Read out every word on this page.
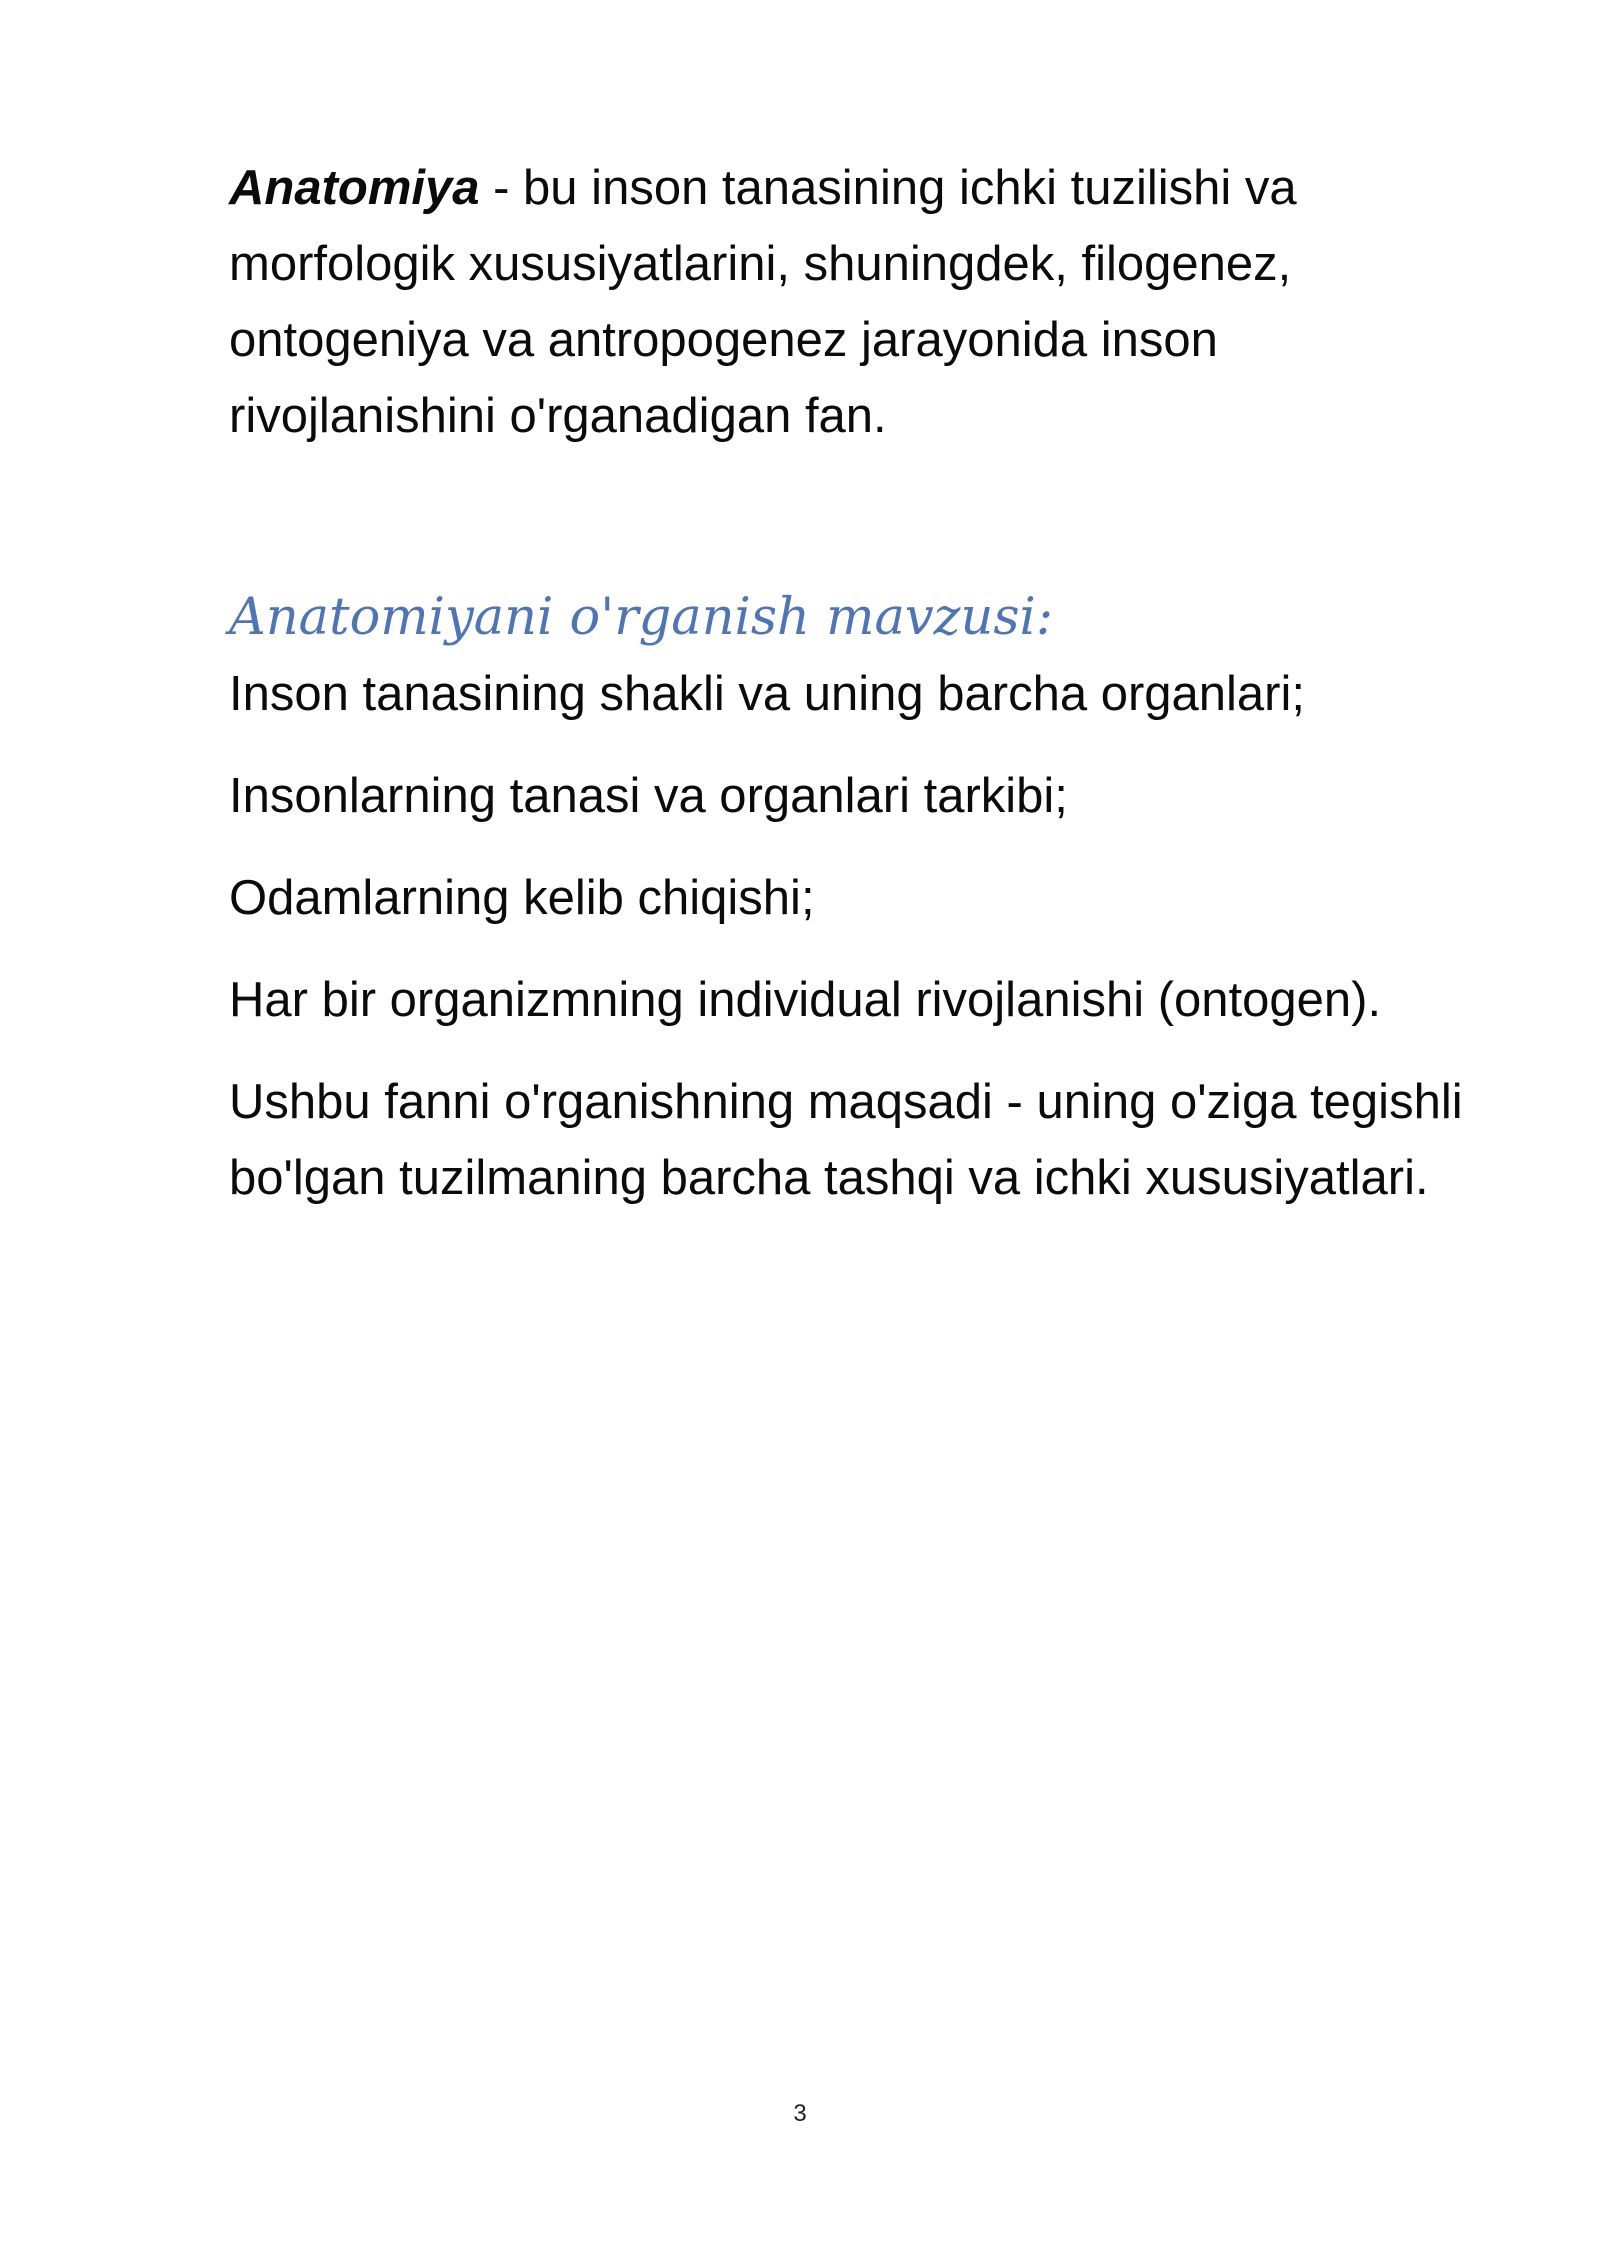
Anatomiya - bu inson tanasining ichki tuzilishi va morfologik xususiyatlarini, shuningdek, filogenez, ontogeniya va antropogenez jarayonida inson rivojlanishini o'rganadigan fan.

Anatomiyani o'rganish mavzusi:
Inson tanasining shakli va uning barcha organlari;
Insonlarning tanasi va organlari tarkibi;
Odamlarning kelib chiqishi;
Har bir organizmning individual rivojlanishi (ontogen).

Ushbu fanni o'rganishning maqsadi - uning o'ziga tegishli bo'lgan tuzilmaning barcha tashqi va ichki xususiyatlari.

3
